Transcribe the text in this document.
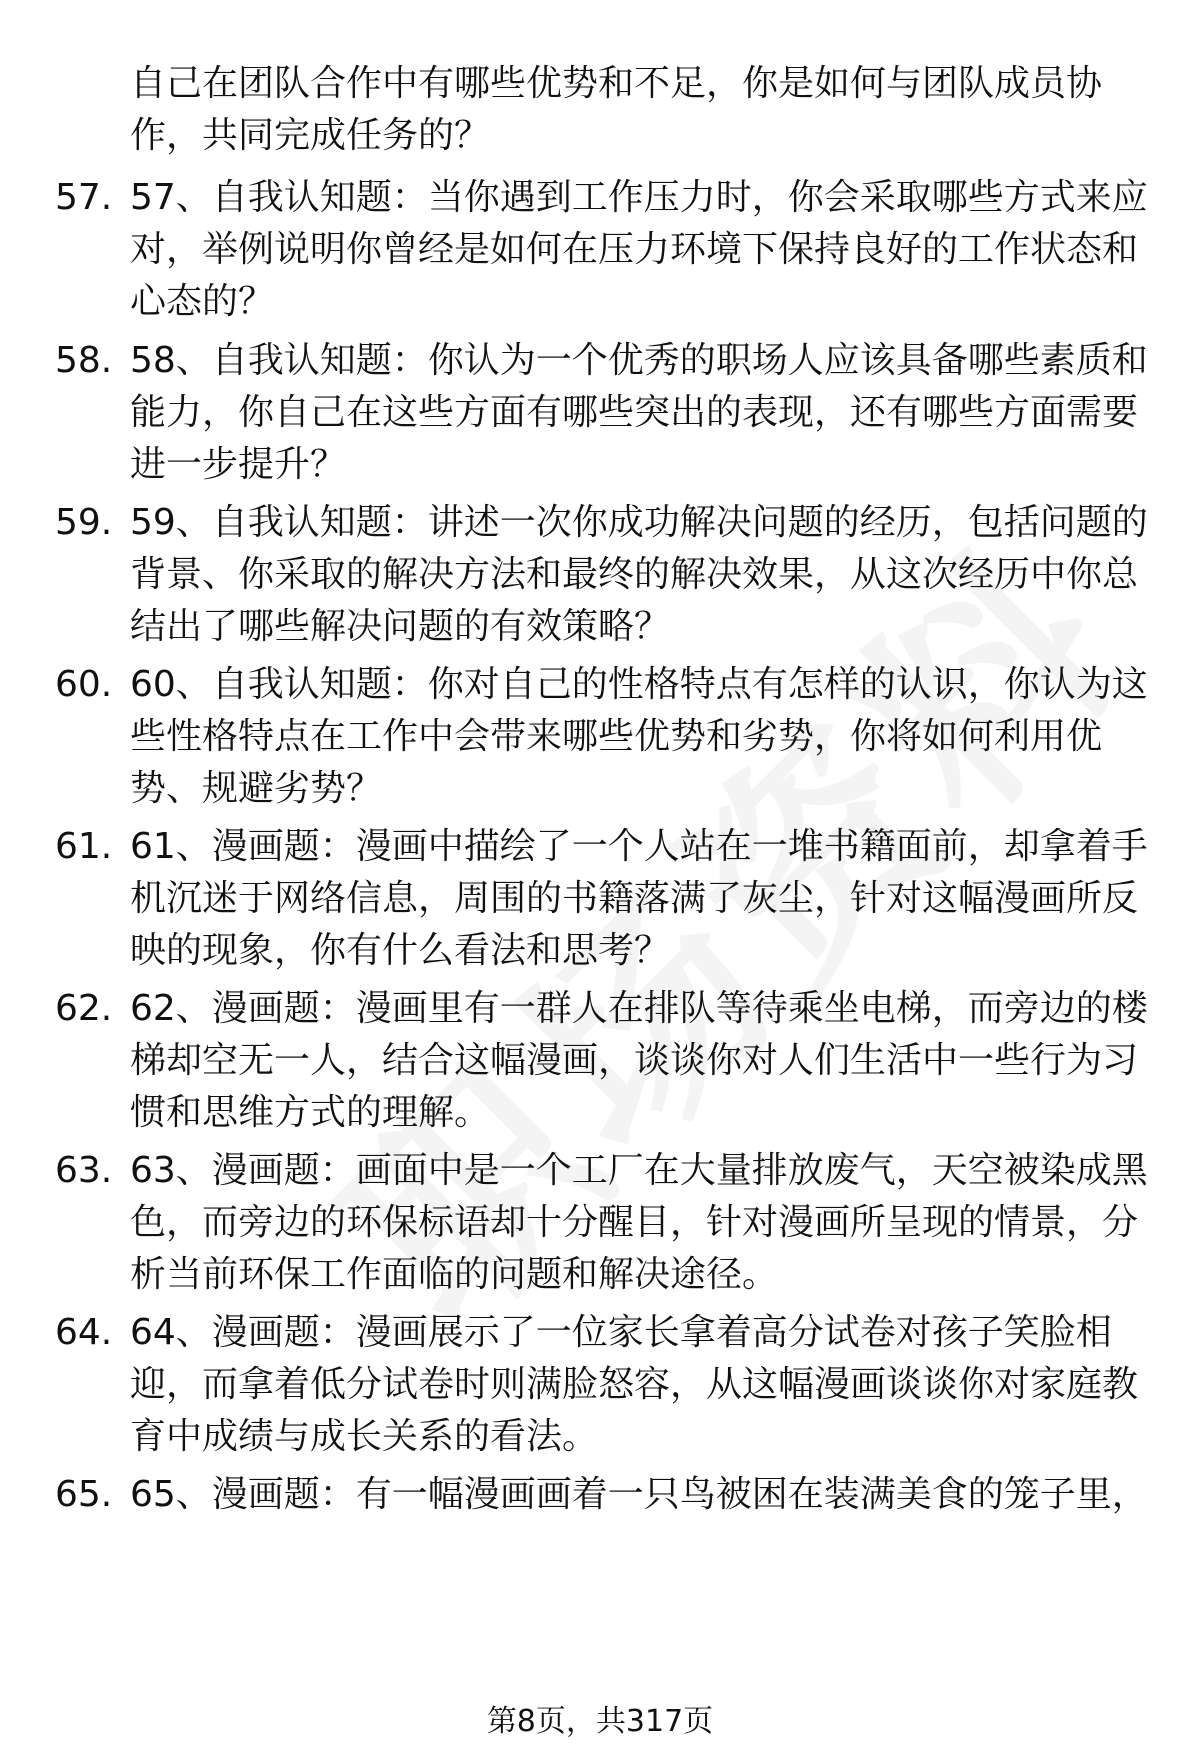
自己在团队合作中有哪些优势和不足，你是如何与团队成员协作，共同完成任务的？

57. 57、自我认知题：当你遇到工作压力时，你会采取哪些方式来应对，举例说明你曾经是如何在压力环境下保持良好的工作状态和心态的？
58. 58、自我认知题：你认为一个优秀的职场人应该具备哪些素质和能力，你自己在这些方面有哪些突出的表现，还有哪些方面需要进一步提升？
59. 59、自我认知题：讲述一次你成功解决问题的经历，包括问题的背景、你采取的解决方法和最终的解决效果，从这次经历中你总结出了哪些解决问题的有效策略？
60. 60、自我认知题：你对自己的性格特点有怎样的认识，你认为这些性格特点在工作中会带来哪些优势和劣势，你将如何利用优势、规避劣势？
61. 61、漫画题：漫画中描绘了一个人站在一堆书籍面前，却拿着手机沉迷于网络信息，周围的书籍落满了灰尘，针对这幅漫画所反映的现象，你有什么看法和思考？
62. 62、漫画题：漫画里有一群人在排队等待乘坐电梯，而旁边的楼梯却空无一人，结合这幅漫画，谈谈你对人们生活中一些行为习惯和思维方式的理解。
63. 63、漫画题：画面中是一个工厂在大量排放废气，天空被染成黑色，而旁边的环保标语却十分醒目，针对漫画所呈现的情景，分析当前环保工作面临的问题和解决途径。
64. 64、漫画题：漫画展示了一位家长拿着高分试卷对孩子笑脸相迎，而拿着低分试卷时则满脸怒容，从这幅漫画谈谈你对家庭教育中成绩与成长关系的看法。
65. 65、漫画题：有一幅漫画画着一只鸟被困在装满美食的笼子里，
第8页，共317页
